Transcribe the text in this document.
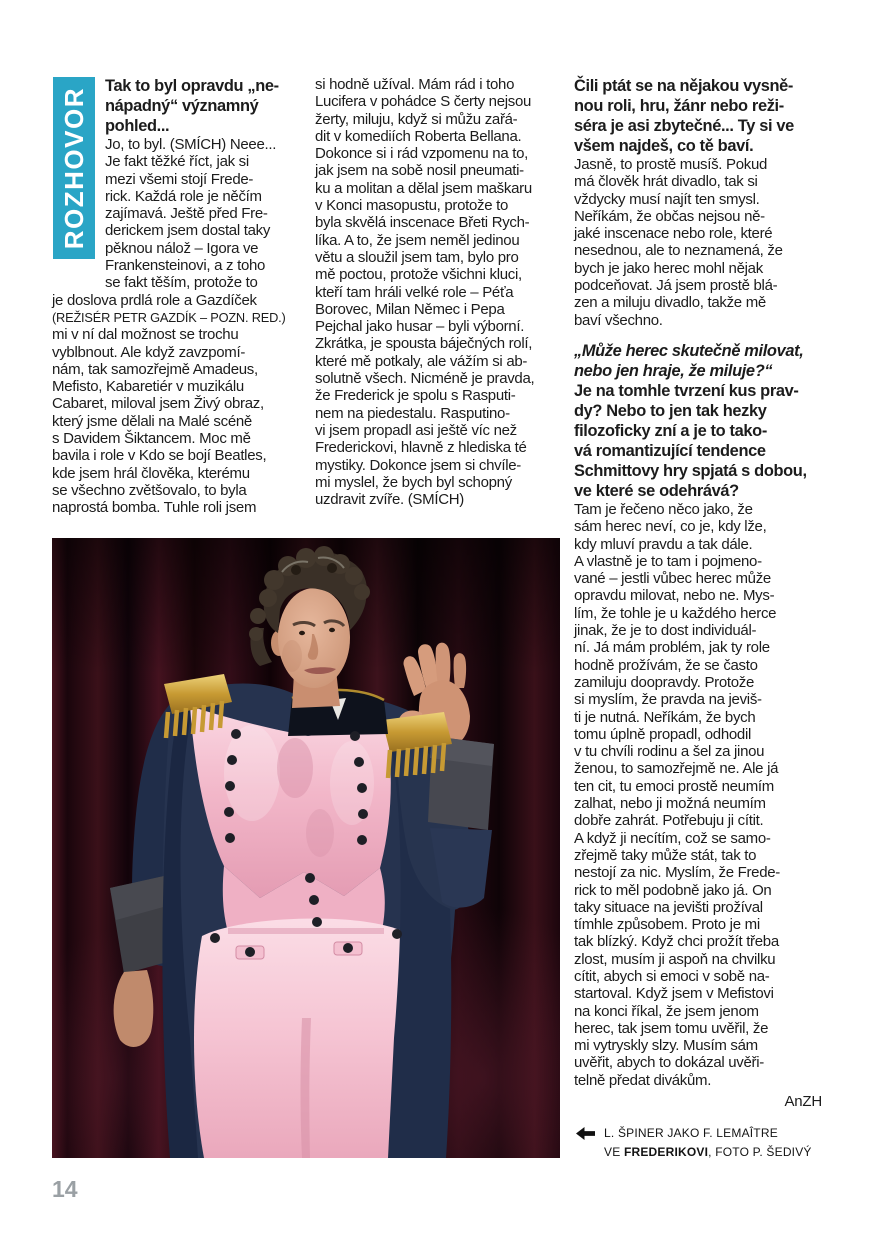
ROZHOVOR
Tak to byl opravdu „ne-
nápadný“ významný
pohled...
Jo, to byl. (SMÍCH) Neee...
Je fakt těžké říct, jak si
mezi všemi stojí Frede-
rick. Každá role je něčím
zajímavá. Ještě před Fre-
derickem jsem dostal taky
pěknou nálož – Igora ve
Frankensteinovi, a z toho
se fakt těším, protože to
je doslova prdlá role a Gazdíček
(REŽISÉR PETR GAZDÍK – POZN. RED.)
mi v ní dal možnost se trochu
vyblbnout. Ale když zavzpomí-
nám, tak samozřejmě Amadeus,
Mefisto, Kabaretiér v muzikálu
Cabaret, miloval jsem Živý obraz,
který jsme dělali na Malé scéně
s Davidem Šiktancem. Moc mě
bavila i role v Kdo se bojí Beatles,
kde jsem hrál člověka, kterému
se všechno zvětšovalo, to byla
naprostá bomba. Tuhle roli jsem
si hodně užíval. Mám rád i toho
Lucifera v pohádce S čerty nejsou
žerty, miluju, když si můžu zařá-
dit v komediích Roberta Bellana.
Dokonce si i rád vzpomenu na to,
jak jsem na sobě nosil pneumati-
ku a molitan a dělal jsem maškaru
v Konci masopustu, protože to
byla skvělá inscenace Břeti Rych-
líka. A to, že jsem neměl jedinou
větu a sloužil jsem tam, bylo pro
mě poctou, protože všichni kluci,
kteří tam hráli velké role – Péťa
Borovec, Milan Němec i Pepa
Pejchal jako husar – byli výborní.
Zkrátka, je spousta báječných rolí,
které mě potkaly, ale vážím si ab-
solutně všech. Nicméně je pravda,
že Frederick je spolu s Rasputi-
nem na piedestalu. Rasputino-
vi jsem propadl asi ještě víc než
Frederickovi, hlavně z hlediska té
mystiky. Dokonce jsem si chvíle-
mi myslel, že bych byl schopný
uzdravit zvíře. (SMÍCH)
Čili ptát se na nějakou vysně-
nou roli, hru, žánr nebo reži-
séra je asi zbytečné... Ty si ve
všem najdeš, co tě baví.
Jasně, to prostě musíš. Pokud
má člověk hrát divadlo, tak si
vždycky musí najít ten smysl.
Neříkám, že občas nejsou ně-
jaké inscenace nebo role, které
nesednou, ale to neznamená, že
bych je jako herec mohl nějak
podceňovat. Já jsem prostě blá-
zen a miluju divadlo, takže mě
baví všechno.
„Může herec skutečně milovat,
nebo jen hraje, že miluje?“
Je na tomhle tvrzení kus prav-
dy? Nebo to jen tak hezky
filozoficky zní a je to tako-
vá romantizující tendence
Schmittovy hry spjatá s dobou,
ve které se odehrává?
Tam je řečeno něco jako, že
sám herec neví, co je, kdy lže,
kdy mluví pravdu a tak dále.
A vlastně je to tam i pojmeno-
vané – jestli vůbec herec může
opravdu milovat, nebo ne. Mys-
lím, že tohle je u každého herce
jinak, že je to dost individuál-
ní. Já mám problém, jak ty role
hodně prožívám, že se často
zamiluju doopravdy. Protože
si myslím, že pravda na jeviš-
ti je nutná. Neříkám, že bych
tomu úplně propadl, odhodil
v tu chvíli rodinu a šel za jinou
ženou, to samozřejmě ne. Ale já
ten cit, tu emoci prostě neumím
zalhat, nebo ji možná neumím
dobře zahrát. Potřebuju ji cítit.
A když ji necítím, což se samo-
zřejmě taky může stát, tak to
nestojí za nic. Myslím, že Frede-
rick to měl podobně jako já. On
taky situace na jevišti prožíval
tímhle způsobem. Proto je mi
tak blízký. Když chci prožít třeba
zlost, musím ji aspoň na chvilku
cítit, abych si emoci v sobě na-
startoval. Když jsem v Mefistovi
na konci říkal, že jsem jenom
herec, tak jsem tomu uvěřil, že
mi vytryskly slzy. Musím sám
uvěřit, abych to dokázal uvěři-
telně předat divákům.
AnZH
L. ŠPINER JAKO F. LEMAÎTRE
VE FREDERIKOVI, FOTO P. ŠEDIVÝ
14
